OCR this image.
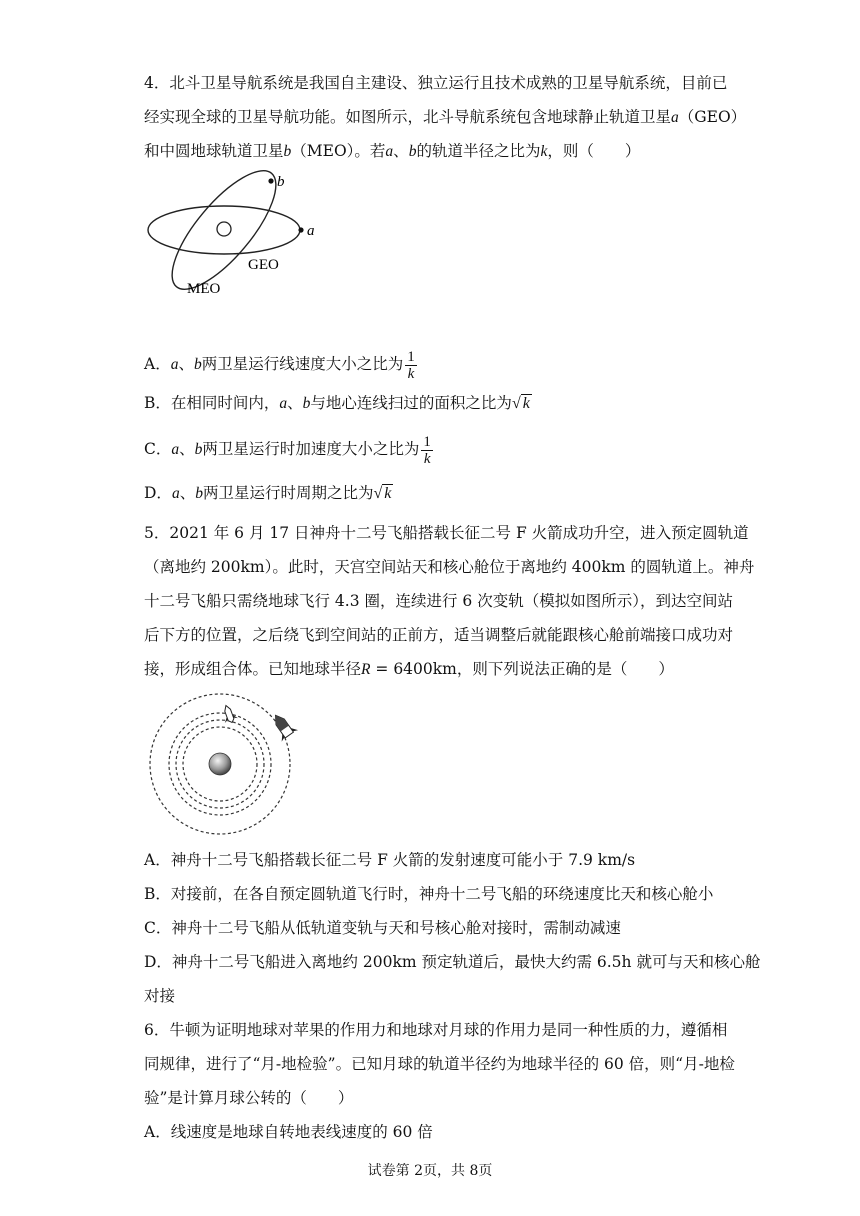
4．北斗卫星导航系统是我国自主建设、独立运行且技术成熟的卫星导航系统，目前已
经实现全球的卫星导航功能。如图所示，北斗导航系统包含地球静止轨道卫星a（GEO）
和中圆地球轨道卫星b（MEO）。若a、b的轨道半径之比为k，则（　　）
b
a
GEO
MEO
A．a、b两卫星运行线速度大小之比为 $\frac{1}{k}$
B．在相同时间内，a、b与地心连线扫过的面积之比为√ k
C．a、b两卫星运行时加速度大小之比为 $\frac{1}{k}$
D．a、b两卫星运行时周期之比为√ k
5．2021 年 6 月 17 日神舟十二号飞船搭载长征二号 F 火箭成功升空，进入预定圆轨道
（离地约 200km）。此时，天宫空间站天和核心舱位于离地约 400km 的圆轨道上。神舟
十二号飞船只需绕地球飞行 4.3 圈，连续进行 6 次变轨（模拟如图所示），到达空间站
后下方的位置，之后绕飞到空间站的正前方，适当调整后就能跟核心舱前端接口成功对
接，形成组合体。已知地球半径R = 6400km，则下列说法正确的是（　　）
A．神舟十二号飞船搭载长征二号 F 火箭的发射速度可能小于 7.9 km/s
B．对接前，在各自预定圆轨道飞行时，神舟十二号飞船的环绕速度比天和核心舱小
C．神舟十二号飞船从低轨道变轨与天和号核心舱对接时，需制动减速
D．神舟十二号飞船进入离地约 200km 预定轨道后，最快大约需 6.5h 就可与天和核心舱
对接
6．牛顿为证明地球对苹果的作用力和地球对月球的作用力是同一种性质的力，遵循相
同规律，进行了“月-地检验”。已知月球的轨道半径约为地球半径的 60 倍，则“月-地检
验”是计算月球公转的（　　）
A．线速度是地球自转地表线速度的 60 倍
试卷第 2页，共 8页
